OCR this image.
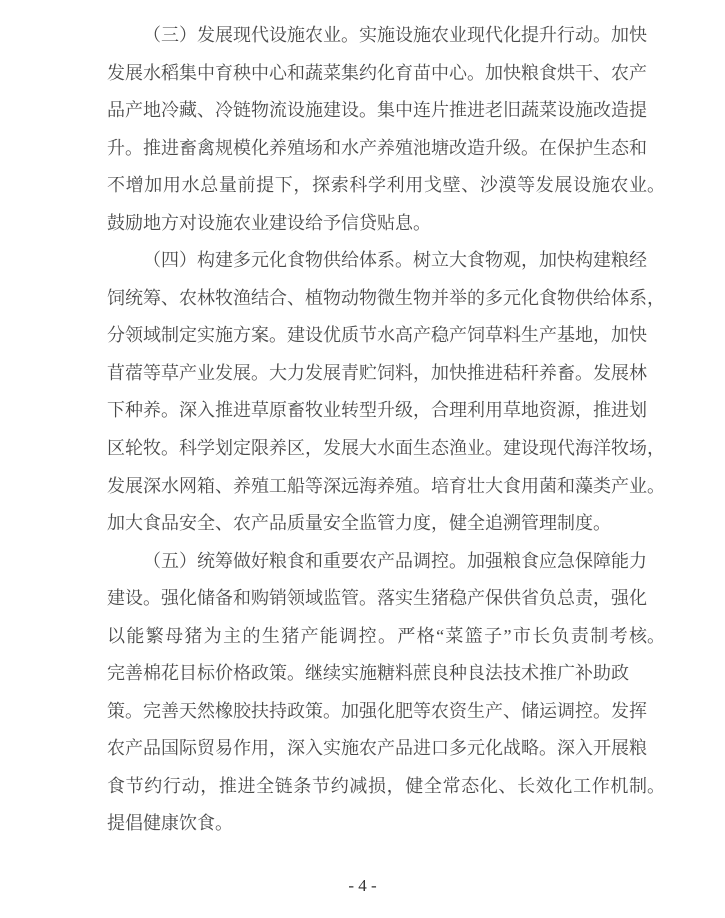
（三）发展现代设施农业。实施设施农业现代化提升行动。加快
发展水稻集中育秧中心和蔬菜集约化育苗中心。加快粮食烘干、农产
品产地冷藏、冷链物流设施建设。集中连片推进老旧蔬菜设施改造提
升。推进畜禽规模化养殖场和水产养殖池塘改造升级。在保护生态和
不增加用水总量前提下，探索科学利用戈壁、沙漠等发展设施农业 。
鼓励地方对设施农业建设给予信贷贴息。
（四）构建多元化食物供给体系。树立大食物观，加快构建粮经
饲统筹、农林牧渔结合、植物动物微生物并举的多元化食物供给体系 ，
分领域制定实施方案。建设优质节水高产稳产饲草料生产基地，加快
苜蓿等草产业发展。大力发展青贮饲料，加快推进秸秆养畜。发展林
下种养。深入推进草原畜牧业转型升级，合理利用草地资源，推进划
区轮牧。科学划定限养区，发展大水面生态渔业。建设现代海洋牧场 ，
发展深水网箱、养殖工船等深远海养殖。培育壮大食用菌和藻类产业 。
加大食品安全、农产品质量安全监管力度，健全追溯管理制度。
（五）统筹做好粮食和重要农产品调控。加强粮食应急保障能力
建设。强化储备和购销领域监管。落实生猪稳产保供省负总责，强化
以能繁母猪为主的生猪产能调控。严格“菜篮子”市长负责制考核 。
完善棉花目标价格政策。继续实施糖料蔗良种良法技术推广补助政
策。完善天然橡胶扶持政策。加强化肥等农资生产、储运调控。发挥
农产品国际贸易作用，深入实施农产品进口多元化战略。深入开展粮
食节约行动，推进全链条节约减损，健全常态化、长效化工作机制 。
提倡健康饮食。
- 4 -
